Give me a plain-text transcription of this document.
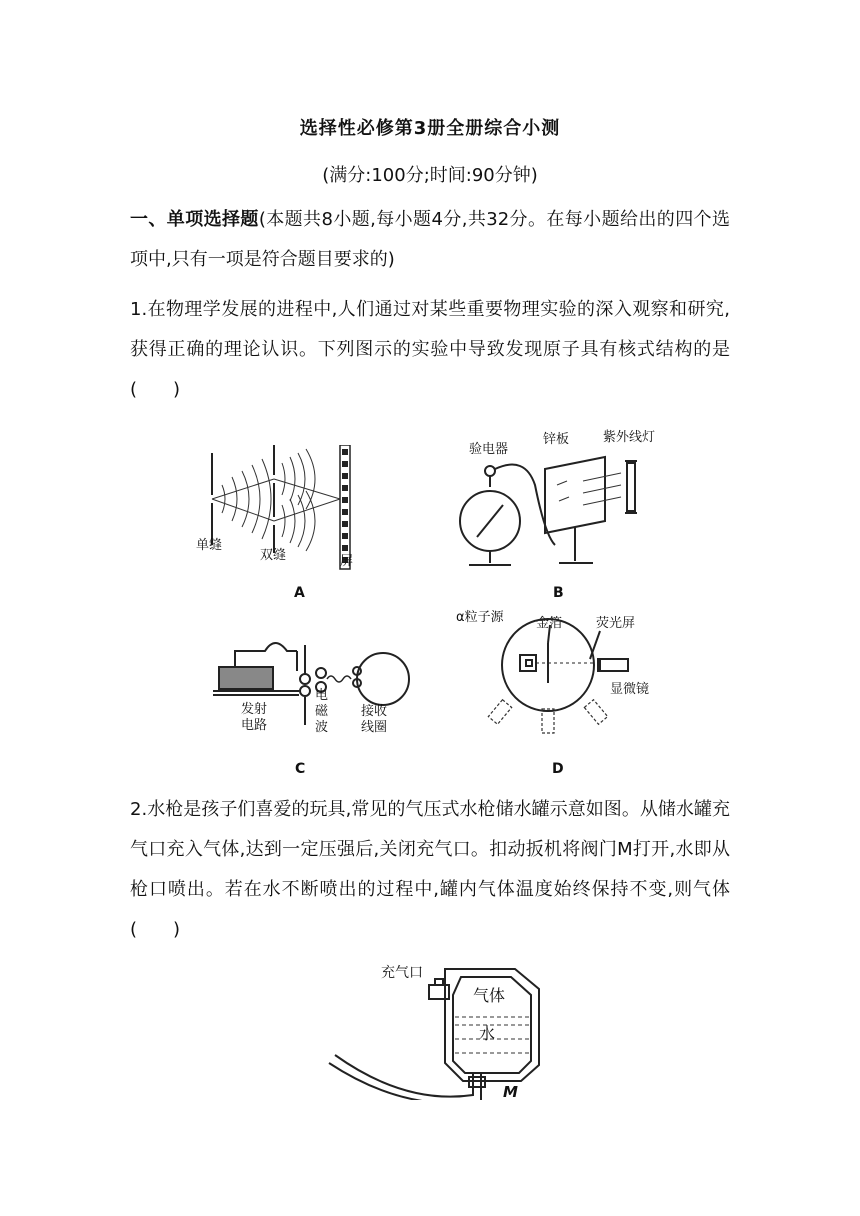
选择性必修第3册全册综合小测
(满分:100分;时间:90分钟)
一、单项选择题(本题共8小题,每小题4分,共32分。在每小题给出的四个选项中,只有一项是符合题目要求的)
1.在物理学发展的进程中,人们通过对某些重要物理实验的深入观察和研究,获得正确的理论认识。下列图示的实验中导致发现原子具有核式结构的是(　　)
单缝
双缝	屏
A
验电器
锌板	紫外线灯
B
发射
电路
电
磁
波
接收
线圈
C
α粒子源 金箔	荧光屏
显微镜
D
2.水枪是孩子们喜爱的玩具,常见的气压式水枪储水罐示意如图。从储水罐充气口充入气体,达到一定压强后,关闭充气口。扣动扳机将阀门M打开,水即从枪口喷出。若在水不断喷出的过程中,罐内气体温度始终保持不变,则气体(　　)
充气口
气体
水
M
